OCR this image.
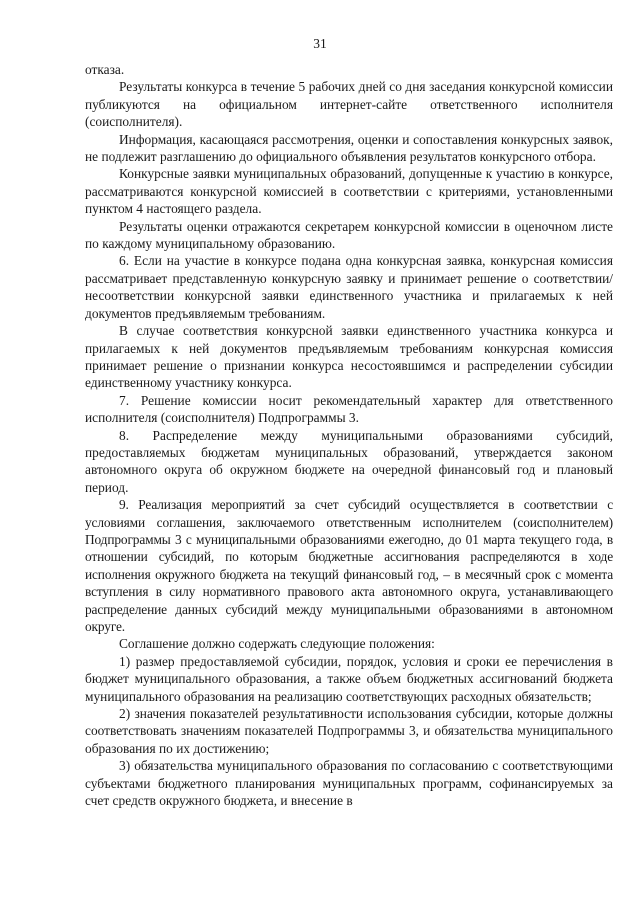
31

отказа.

Результаты конкурса в течение 5 рабочих дней со дня заседания конкурсной комиссии публикуются на официальном интернет-сайте ответственного исполнителя (соисполнителя).

Информация, касающаяся рассмотрения, оценки и сопоставления конкурсных заявок, не подлежит разглашению до официального объявления результатов конкурсного отбора.

Конкурсные заявки муниципальных образований, допущенные к участию в конкурсе, рассматриваются конкурсной комиссией в соответствии с критериями, установленными пунктом 4 настоящего раздела.

Результаты оценки отражаются секретарем конкурсной комиссии в оценочном листе по каждому муниципальному образованию.

6. Если на участие в конкурсе подана одна конкурсная заявка, конкурсная комиссия рассматривает представленную конкурсную заявку и принимает решение о соответствии/несоответствии конкурсной заявки единственного участника и прилагаемых к ней документов предъявляемым требованиям.

В случае соответствия конкурсной заявки единственного участника конкурса и прилагаемых к ней документов предъявляемым требованиям конкурсная комиссия принимает решение о признании конкурса несостоявшимся и распределении субсидии единственному участнику конкурса.

7. Решение комиссии носит рекомендательный характер для ответственного исполнителя (соисполнителя) Подпрограммы 3.

8. Распределение между муниципальными образованиями субсидий, предоставляемых бюджетам муниципальных образований, утверждается законом автономного округа об окружном бюджете на очередной финансовый год и плановый период.

9. Реализация мероприятий за счет субсидий осуществляется в соответствии с условиями соглашения, заключаемого ответственным исполнителем (соисполнителем) Подпрограммы 3 с муниципальными образованиями ежегодно, до 01 марта текущего года, в отношении субсидий, по которым бюджетные ассигнования распределяются в ходе исполнения окружного бюджета на текущий финансовый год, – в месячный срок с момента вступления в силу нормативного правового акта автономного округа, устанавливающего распределение данных субсидий между муниципальными образованиями в автономном округе.

Соглашение должно содержать следующие положения:

1) размер предоставляемой субсидии, порядок, условия и сроки ее перечисления в бюджет муниципального образования, а также объем бюджетных ассигнований бюджета муниципального образования на реализацию соответствующих расходных обязательств;

2) значения показателей результативности использования субсидии, которые должны соответствовать значениям показателей Подпрограммы 3, и обязательства муниципального образования по их достижению;

3) обязательства муниципального образования по согласованию с соответствующими субъектами бюджетного планирования муниципальных программ, софинансируемых за счет средств окружного бюджета, и внесение в
